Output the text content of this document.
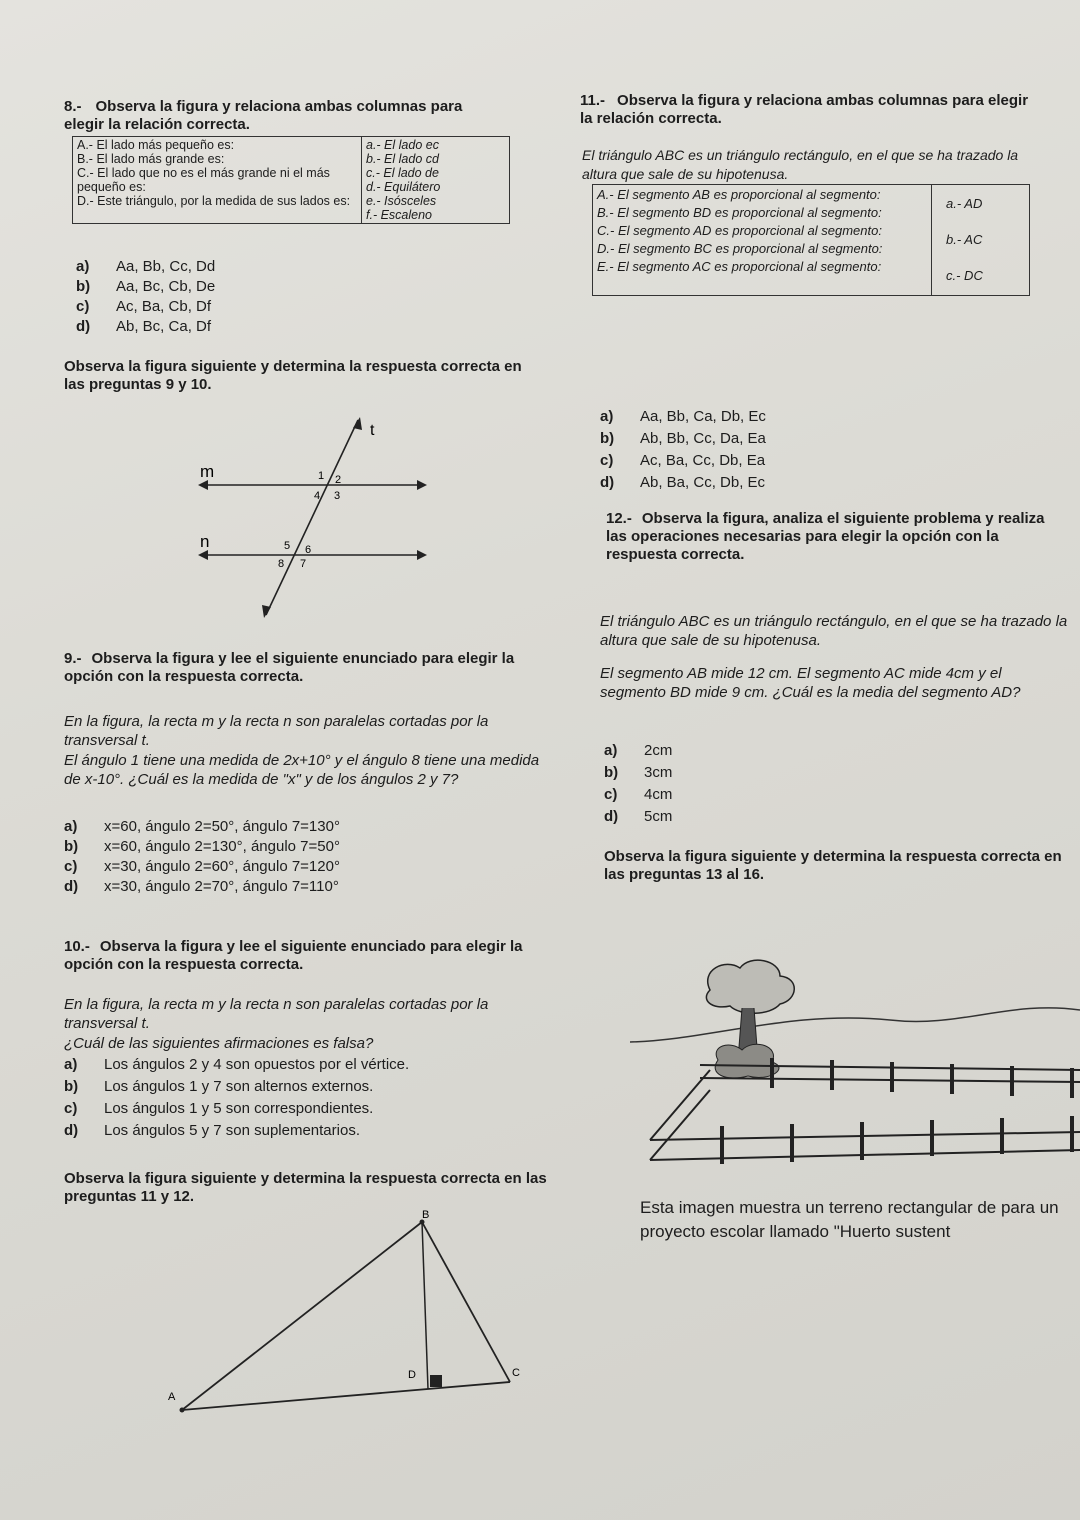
8.- Observa la figura y relaciona ambas columnas para elegir la relación correcta.
A.- El lado más pequeño es:
B.- El lado más grande es:
C.- El lado que no es el más grande ni el más pequeño es:
D.- Este triángulo, por la medida de sus lados es:

a.- El lado ec
b.- El lado cd
c.- El lado de
d.- Equilátero
e.- Isósceles
f.- Escaleno
a) Aa, Bb, Cc, Dd
b) Aa, Bc, Cb, De
c) Ac, Ba, Cb, Df
d) Ab, Bc, Ca, Df
Observa la figura siguiente y determina la respuesta correcta en las preguntas 9 y 10.
t
m
n
1 2
4 3
5 6
8 7
9.- Observa la figura y lee el siguiente enunciado para elegir la opción con la respuesta correcta.
En la figura, la recta m y la recta n son paralelas cortadas por la transversal t.
El ángulo 1 tiene una medida de 2x+10° y el ángulo 8 tiene una medida de x-10°. ¿Cuál es la medida de "x" y de los ángulos 2 y 7?
a) x=60, ángulo 2=50°, ángulo 7=130°
b) x=60, ángulo 2=130°, ángulo 7=50°
c) x=30, ángulo 2=60°, ángulo 7=120°
d) x=30, ángulo 2=70°, ángulo 7=110°
10.- Observa la figura y lee el siguiente enunciado para elegir la opción con la respuesta correcta.
En la figura, la recta m y la recta n son paralelas cortadas por la transversal t.
¿Cuál de las siguientes afirmaciones es falsa?
a) Los ángulos 2 y 4 son opuestos por el vértice.
b) Los ángulos 1 y 7 son alternos externos.
c) Los ángulos 1 y 5 son correspondientes.
d) Los ángulos 5 y 7 son suplementarios.
Observa la figura siguiente y determina la respuesta correcta en las preguntas 11 y 12.
A
B
C
D
11.- Observa la figura y relaciona ambas columnas para elegir la relación correcta.
El triángulo ABC es un triángulo rectángulo, en el que se ha trazado la altura que sale de su hipotenusa.
A.- El segmento AB es proporcional al segmento:
B.- El segmento BD es proporcional al segmento:
C.- El segmento AD es proporcional al segmento:
D.- El segmento BC es proporcional al segmento:
E.- El segmento AC es proporcional al segmento:

a.- AD
b.- AC
c.- DC
a) Aa, Bb, Ca, Db, Ec
b) Ab, Bb, Cc, Da, Ea
c) Ac, Ba, Cc, Db, Ea
d) Ab, Ba, Cc, Db, Ec
12.- Observa la figura, analiza el siguiente problema y realiza las operaciones necesarias para elegir la opción con la respuesta correcta.
El triángulo ABC es un triángulo rectángulo, en el que se ha trazado la altura que sale de su hipotenusa.
El segmento AB mide 12 cm. El segmento AC mide 4cm y el segmento BD mide 9 cm. ¿Cuál es la media del segmento AD?
a) 2cm
b) 3cm
c) 4cm
d) 5cm
Observa la figura siguiente y determina la respuesta correcta en las preguntas 13 al 16.
Esta imagen muestra un terreno rectangular de para un proyecto escolar llamado "Huerto sustent
